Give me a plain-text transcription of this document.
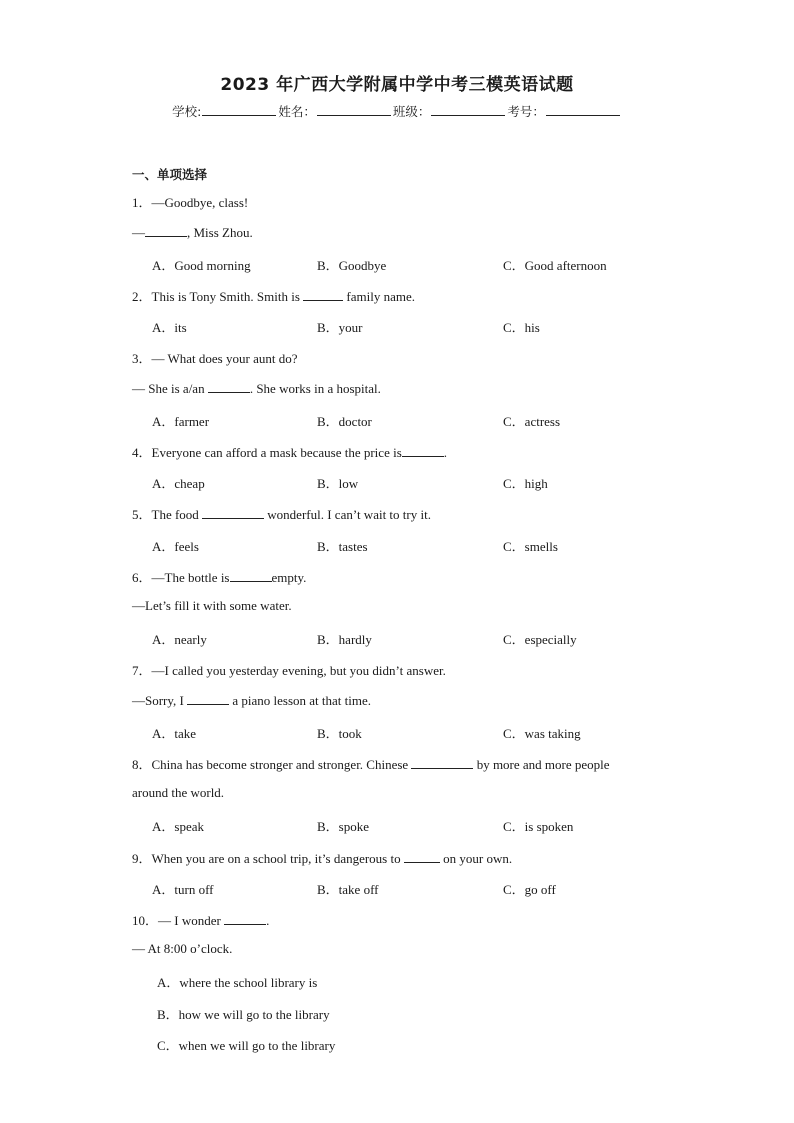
2023 年广西大学附属中学中考三模英语试题
学校:	姓名：	班级：	考号：
一、单项选择
1．—Goodbye, class!
—	, Miss Zhou.
A．Good morning	B．Goodbye	C．Good afternoon
2．This is Tony Smith. Smith is	family name.
A．its	B．your	C．his
3．— What does your aunt do?
— She is a/an	. She works in a hospital.
A．farmer	B．doctor	C．actress
4．Everyone can afford a mask because the price is	.
A．cheap	B．low	C．high
5．The food	wonderful. I can’t wait to try it.
A．feels	B．tastes	C．smells
6．—The bottle is	empty.
—Let’s fill it with some water.
A．nearly	B．hardly	C．especially
7．—I called you yesterday evening, but you didn’t answer.
—Sorry, I	a piano lesson at that time.
A．take	B．took	C．was taking
8．China has become stronger and stronger. Chinese	by more and more people
around the world.
A．speak	B．spoke	C．is spoken
9．When you are on a school trip, it’s dangerous to	on your own.
A．turn off	B．take off	C．go off
10．— I wonder	.
— At 8:00 o’clock.
A．where the school library is
B．how we will go to the library
C．when we will go to the library
